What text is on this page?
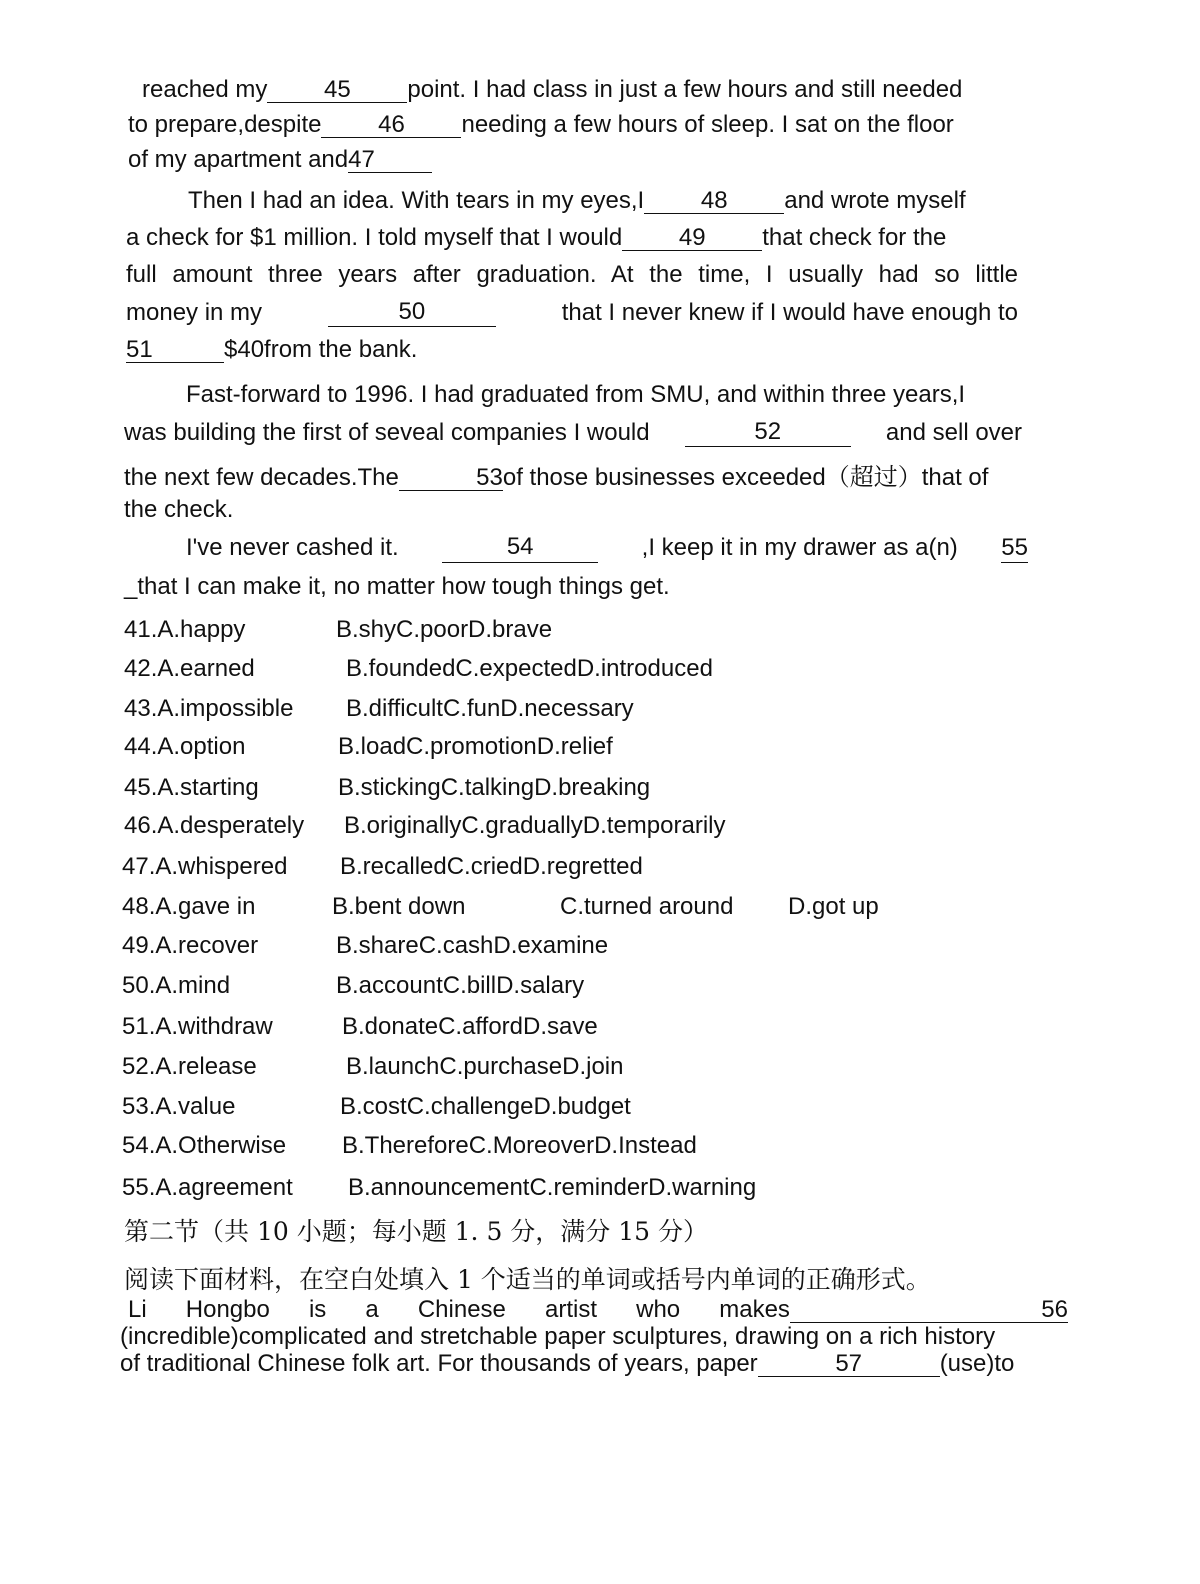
reached my 45 point. I had class in just a few hours and still needed
to prepare,despite 46 needing a few hours of sleep. I sat on the floor
of my apartment and47
Then I had an idea. With tears in my eyes,I 48 and wrote myself
a check for $1 million. I told myself that I would 49 that check for the
full amount three years after graduation. At the time, I usually had so little
money in my	50	that I never knew if I would have enough to
51	$40from the bank.
Fast-forward to 1996. I had graduated from SMU, and within three years,I
was building the first of seveal companies I would	52	and sell over
the next few decades.The	53of those businesses exceeded（超过）that of
the check.
I've never cashed it.	54	,I keep it in my drawer as a(n) 55
_that I can make it, no matter how tough things get.
41.A.happy	B.shyC.poorD.brave
42.A.earned	B.foundedC.expectedD.introduced
43.A.impossible B.difficultC.funD.necessary
44.A.option	B.loadC.promotionD.relief
45.A.starting	B.stickingC.talkingD.breaking
46.A.desperately B.originallyC.graduallyD.temporarily
47.A.whispered B.recalledC.criedD.regretted
48.A.gave in	B.bent down	C.turned around D.got up
49.A.recover	B.shareC.cashD.examine
50.A.mind	B.accountC.billD.salary
51.A.withdraw	B.donateC.affordD.save
52.A.release	B.launchC.purchaseD.join
53.A.value	B.costC.challengeD.budget
54.A.Otherwise B.ThereforeC.MoreoverD.Instead
55.A.agreement B.announcementC.reminderD.warning
第二节（共 10 小题；每小题 1. 5 分，满分 15 分）
阅读下面材料，在空白处填入 1 个适当的单词或括号内单词的正确形式。
Li Hongbo is a Chinese artist who makes	56
(incredible)complicated and stretchable paper sculptures, drawing on a rich history
of traditional Chinese folk art. For thousands of years, paper	57	(use)to
